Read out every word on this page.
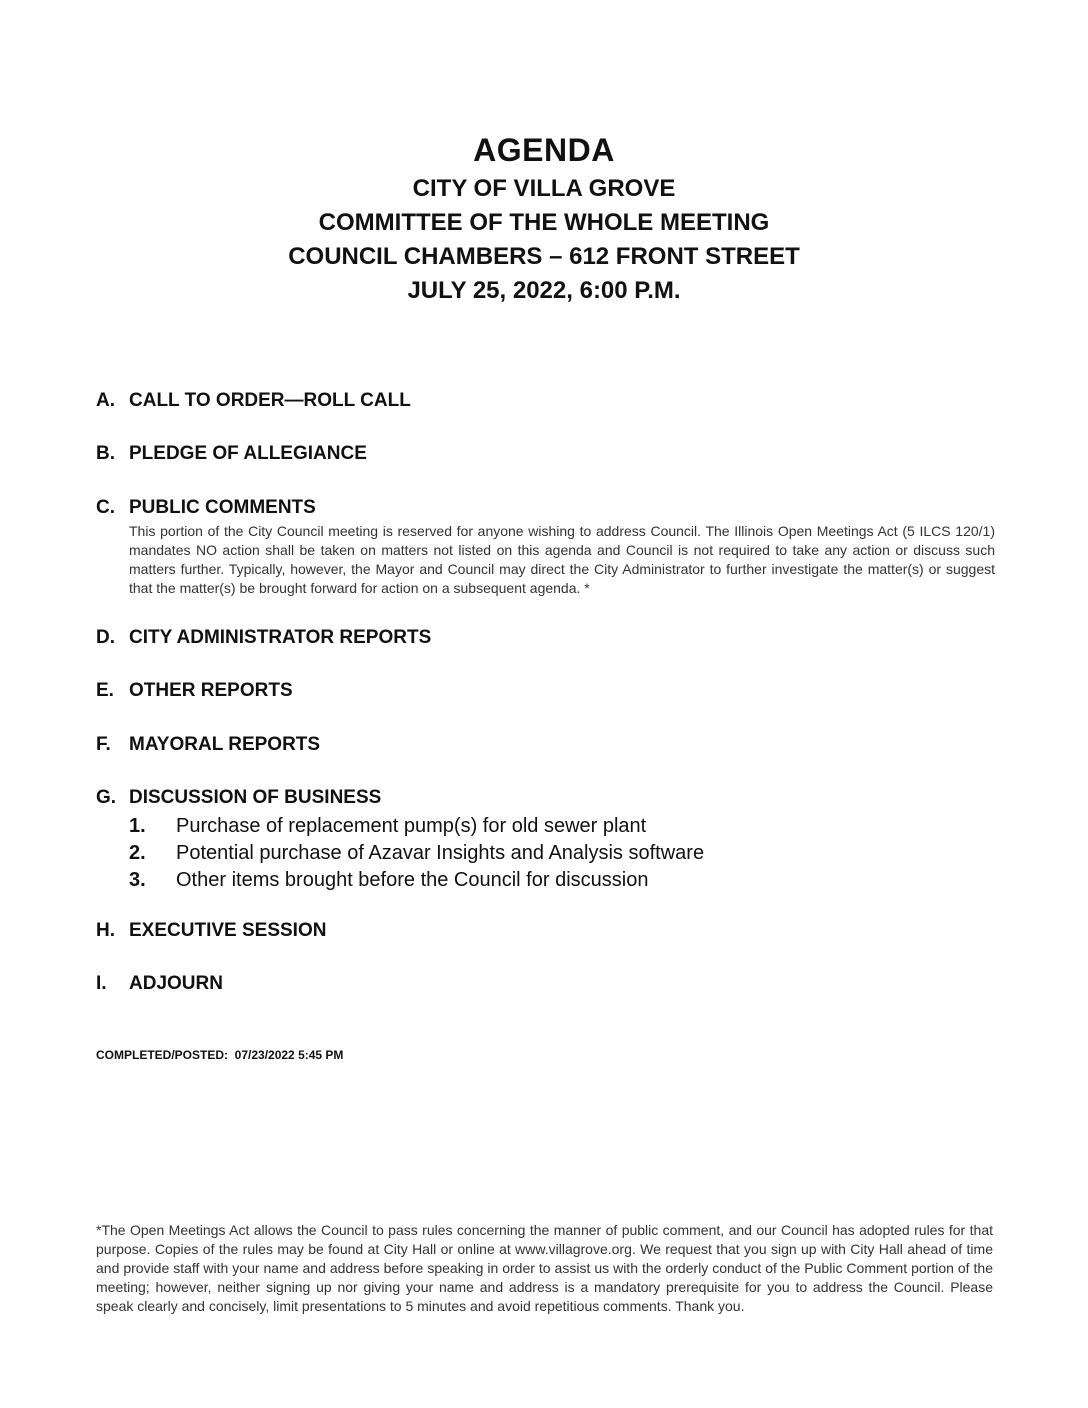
AGENDA
CITY OF VILLA GROVE
COMMITTEE OF THE WHOLE MEETING
COUNCIL CHAMBERS – 612 FRONT STREET
JULY 25, 2022, 6:00 P.M.
A. CALL TO ORDER—ROLL CALL
B. PLEDGE OF ALLEGIANCE
C. PUBLIC COMMENTS
This portion of the City Council meeting is reserved for anyone wishing to address Council. The Illinois Open Meetings Act (5 ILCS 120/1) mandates NO action shall be taken on matters not listed on this agenda and Council is not required to take any action or discuss such matters further. Typically, however, the Mayor and Council may direct the City Administrator to further investigate the matter(s) or suggest that the matter(s) be brought forward for action on a subsequent agenda. *
D. CITY ADMINISTRATOR REPORTS
E. OTHER REPORTS
F. MAYORAL REPORTS
G. DISCUSSION OF BUSINESS
1.	Purchase of replacement pump(s) for old sewer plant
2.	Potential purchase of Azavar Insights and Analysis software
3.	Other items brought before the Council for discussion
H. EXECUTIVE SESSION
I.	ADJOURN
COMPLETED/POSTED:  07/23/2022 5:45 PM
*The Open Meetings Act allows the Council to pass rules concerning the manner of public comment, and our Council has adopted rules for that purpose. Copies of the rules may be found at City Hall or online at www.villagrove.org. We request that you sign up with City Hall ahead of time and provide staff with your name and address before speaking in order to assist us with the orderly conduct of the Public Comment portion of the meeting; however, neither signing up nor giving your name and address is a mandatory prerequisite for you to address the Council. Please speak clearly and concisely, limit presentations to 5 minutes and avoid repetitious comments. Thank you.
